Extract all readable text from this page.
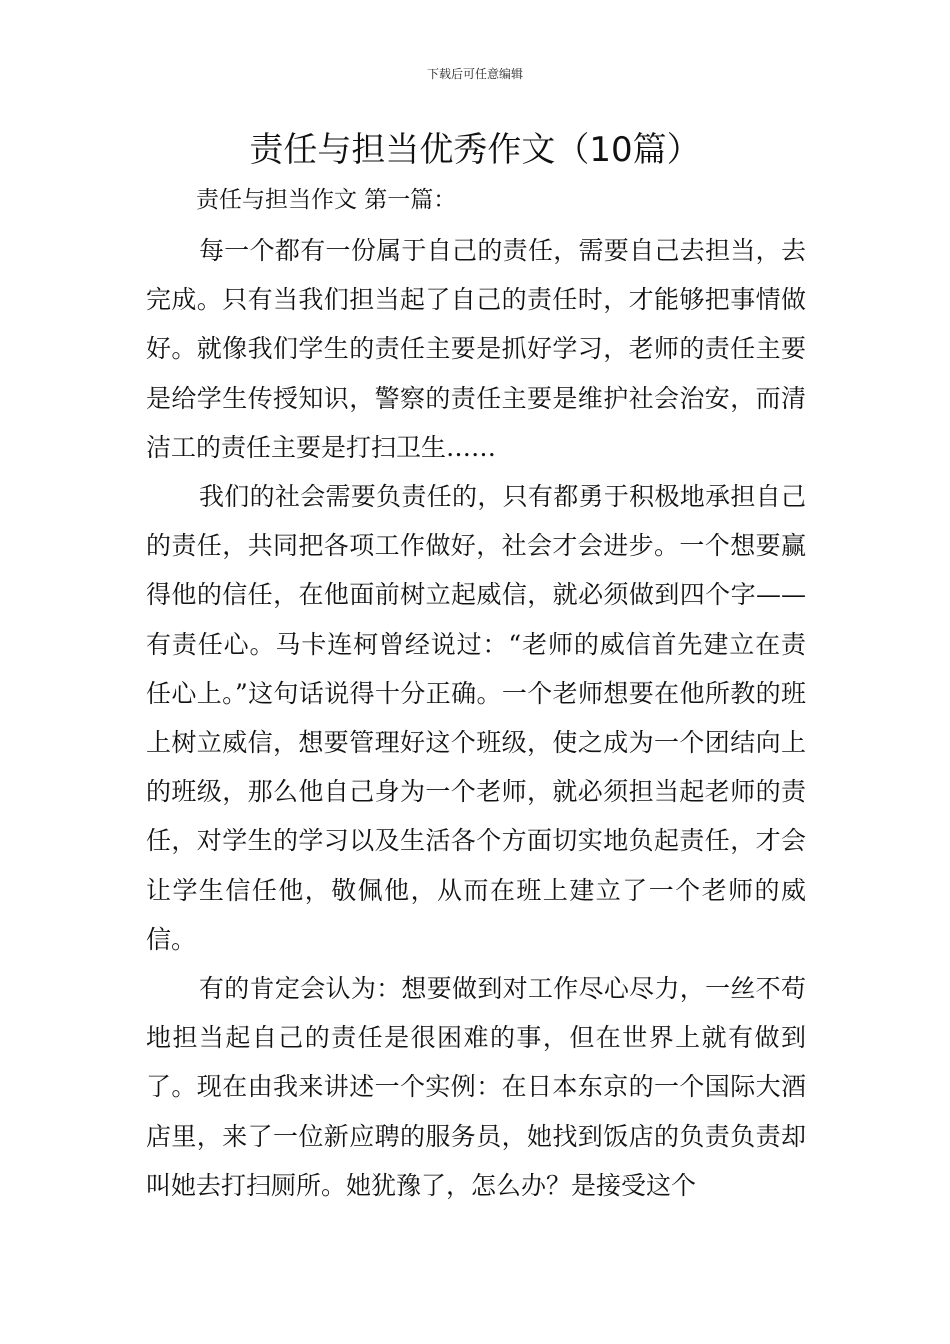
下载后可任意编辑
责任与担当优秀作文（10篇）

责任与担当作文 第一篇：

每一个都有一份属于自己的责任，需要自己去担当，去完成。只有当我们担当起了自己的责任时，才能够把事情做好。就像我们学生的责任主要是抓好学习，老师的责任主要是给学生传授知识，警察的责任主要是维护社会治安，而清洁工的责任主要是打扫卫生……

我们的社会需要负责任的，只有都勇于积极地承担自己的责任，共同把各项工作做好，社会才会进步。一个想要赢得他的信任，在他面前树立起威信，就必须做到四个字——有责任心。马卡连柯曾经说过：“老师的威信首先建立在责任心上。”这句话说得十分正确。一个老师想要在他所教的班上树立威信，想要管理好这个班级，使之成为一个团结向上的班级，那么他自己身为一个老师，就必须担当起老师的责任，对学生的学习以及生活各个方面切实地负起责任，才会让学生信任他，敬佩他，从而在班上建立了一个老师的威信。

有的肯定会认为：想要做到对工作尽心尽力，一丝不苟地担当起自己的责任是很困难的事，但在世界上就有做到了。现在由我来讲述一个实例：在日本东京的一个国际大酒店里，来了一位新应聘的服务员，她找到饭店的负责负责却叫她去打扫厕所。她犹豫了，怎么办？是接受这个
